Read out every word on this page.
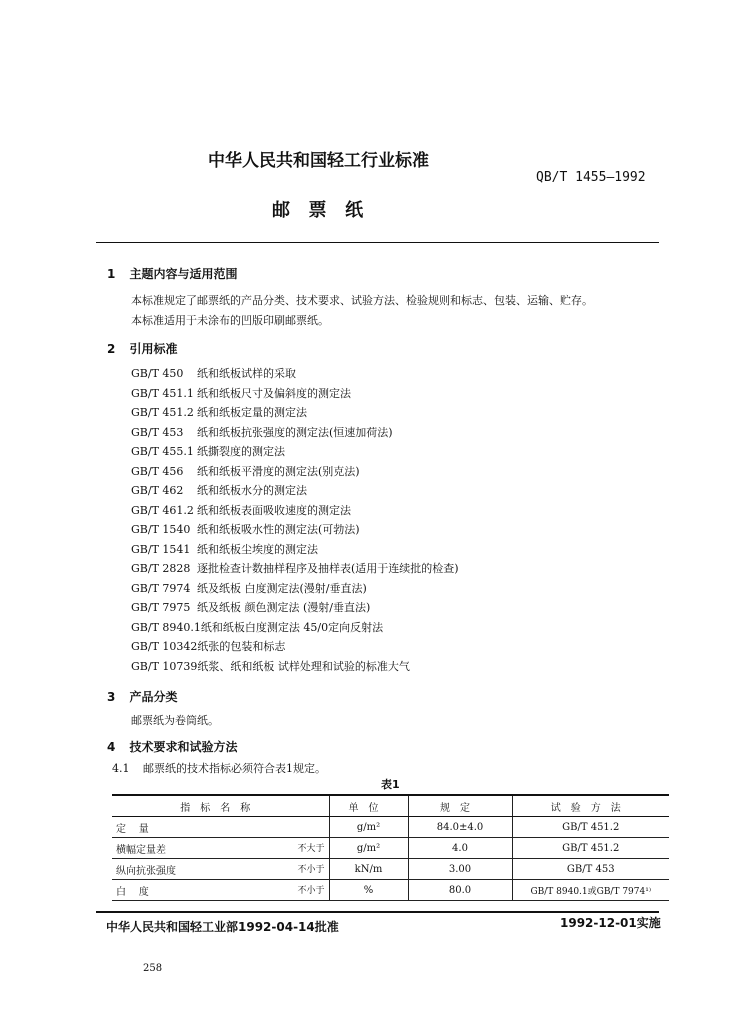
中华人民共和国轻工行业标准
QB/T 1455—1992
邮  票  纸
1 主题内容与适用范围
本标准规定了邮票纸的产品分类、技术要求、试验方法、检验规则和标志、包装、运输、贮存。
本标准适用于未涂布的凹版印刷邮票纸。
2 引用标准
GB/T 450 纸和纸板试样的采取
GB/T 451.1 纸和纸板尺寸及偏斜度的测定法
GB/T 451.2 纸和纸板定量的测定法
GB/T 453 纸和纸板抗张强度的测定法(恒速加荷法)
GB/T 455.1 纸撕裂度的测定法
GB/T 456 纸和纸板平滑度的测定法(别克法)
GB/T 462 纸和纸板水分的测定法
GB/T 461.2 纸和纸板表面吸收速度的测定法
GB/T 1540 纸和纸板吸水性的测定法(可勃法)
GB/T 1541 纸和纸板尘埃度的测定法
GB/T 2828 逐批检查计数抽样程序及抽样表(适用于连续批的检查)
GB/T 7974 纸及纸板 白度测定法(漫射/垂直法)
GB/T 7975 纸及纸板 颜色测定法 (漫射/垂直法)
GB/T 8940.1纸和纸板白度测定法 45/0定向反射法
GB/T 10342纸张的包装和标志
GB/T 10739纸浆、纸和纸板 试样处理和试验的标准大气
3 产品分类
邮票纸为卷筒纸。
4 技术要求和试验方法
4.1 邮票纸的技术指标必须符合表1规定。
表1
指标名称	单位	规定	试验方法
定    量	g/m²	84.0±4.0	GB/T 451.2
横幅定量差 不大于	g/m²	4.0	GB/T 451.2
纵向抗张强度 不小于	kN/m	3.00	GB/T 453
白    度 不小于	%	80.0	GB/T 8940.1或GB/T 7974¹⁾
中华人民共和国轻工业部1992-04-14批准	1992-12-01实施
258
